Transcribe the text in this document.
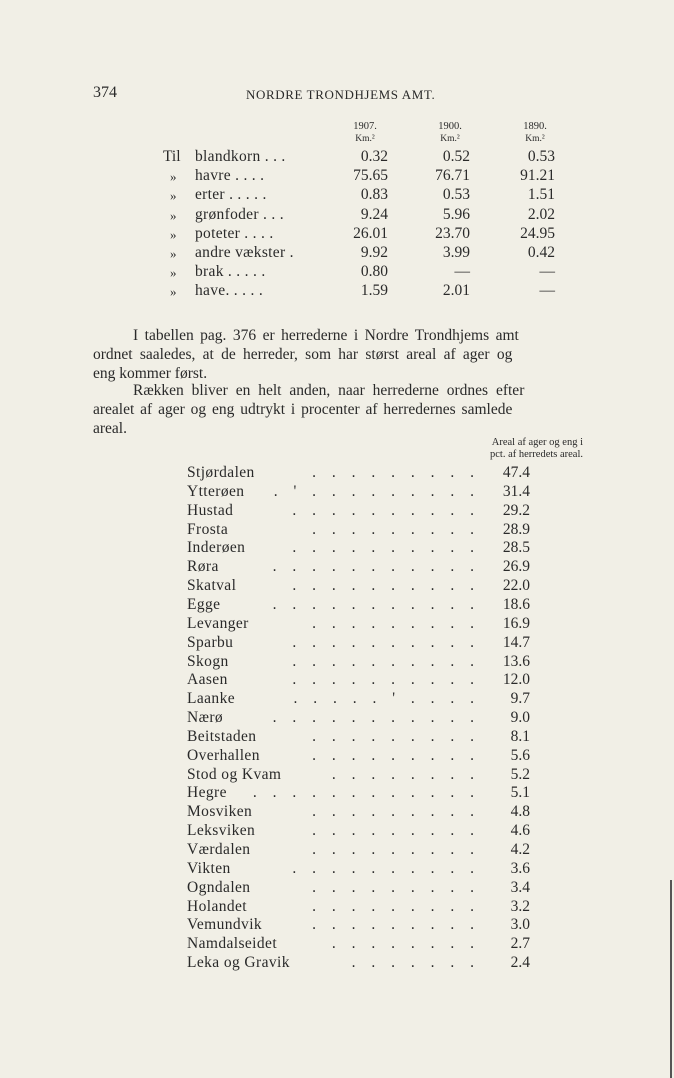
374	NORDRE TRONDHJEMS AMT.
1907.
Km.²
1900.
Km.²
1890.
Km.²
Til blandkorn . . .	0.32	0.52	0.53
» havre . . . .	75.65	76.71	91.21
» erter . . . . .	0.83	0.53	1.51
» grønfoder . . .	9.24	5.96	2.02
» poteter . . . .	26.01	23.70	24.95
» andre vækster .	9.92	3.99	0.42
» brak . . . . .	0.80	—	—
» have. . . . .	1.59	2.01	—
I tabellen pag. 376 er herrederne i Nordre Trondhjems amt
ordnet saaledes, at de herreder, som har størst areal af ager og
eng kommer først.
Rækken bliver en helt anden, naar herrederne ordnes efter
arealet af ager og eng udtrykt i procenter af herredernes samlede
areal.
Areal af ager og eng i
pct. af herredets areal.
Stjørdalen	. . . . . . . . .	47.4
Ytterøen . ' . . . . . . . . .	31.4
Hustad	. . . . . . . . . .	29.2
Frosta	. . . . . . . . .	28.9
Inderøen	. . . . . . . . . .	28.5
Røra	. . . . . . . . . . .	26.9
Skatval	. . . . . . . . . .	22.0
Egge	. . . . . . . . . . .	18.6
Levanger	. . . . . . . . .	16.9
Sparbu	. . . . . . . . . .	14.7
Skogn	. . . . . . . . . .	13.6
Aasen	. . . . . . . . . .	12.0
Laanke	. . . . . ' . . . .	9.7
Nærø	. . . . . . . . . . .	9.0
Beitstaden	. . . . . . . . .	8.1
Overhallen	. . . . . . . . .	5.6
Stod og Kvam	. . . . . . . .	5.2
Hegre . . . . . . . . . . . .	5.1
Mosviken	. . . . . . . . .	4.8
Leksviken	. . . . . . . . .	4.6
Værdalen	. . . . . . . . .	4.2
Vikten	. . . . . . . . . .	3.6
Ogndalen	. . . . . . . . .	3.4
Holandet	. . . . . . . . .	3.2
Vemundvik	. . . . . . . . .	3.0
Namdalseidet	. . . . . . . .	2.7
Leka og Gravik	. . . . . . .	2.4
